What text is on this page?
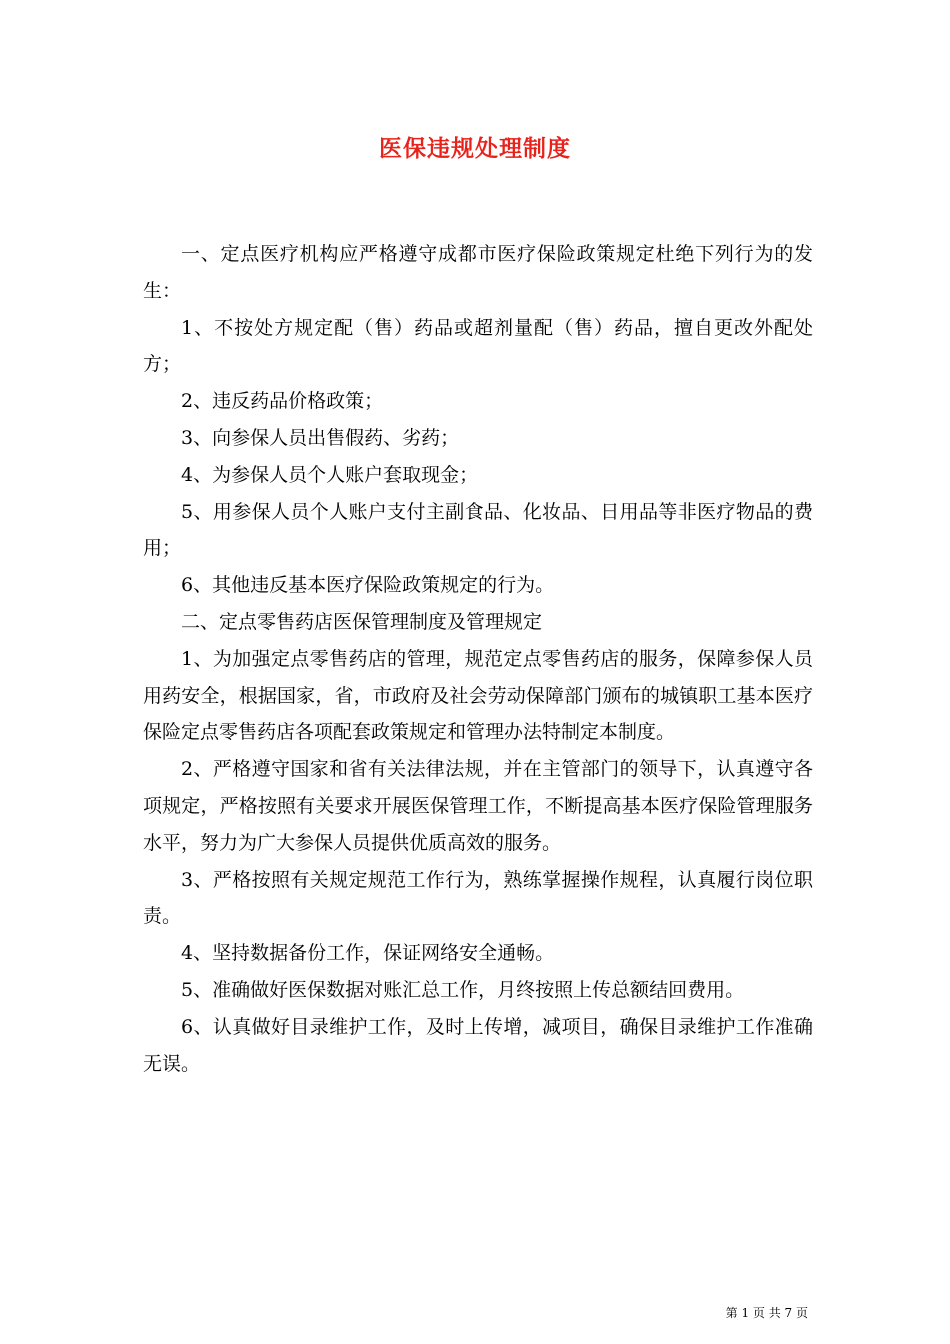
医保违规处理制度

一、定点医疗机构应严格遵守成都市医疗保险政策规定杜绝下列行为的发生：

1、不按处方规定配（售）药品或超剂量配（售）药品，擅自更改外配处方；

2、违反药品价格政策；

3、向参保人员出售假药、劣药；

4、为参保人员个人账户套取现金；

5、用参保人员个人账户支付主副食品、化妆品、日用品等非医疗物品的费用；

6、其他违反基本医疗保险政策规定的行为。

二、定点零售药店医保管理制度及管理规定

1、为加强定点零售药店的管理，规范定点零售药店的服务，保障参保人员用药安全，根据国家，省，市政府及社会劳动保障部门颁布的城镇职工基本医疗保险定点零售药店各项配套政策规定和管理办法特制定本制度。

2、严格遵守国家和省有关法律法规，并在主管部门的领导下，认真遵守各项规定，严格按照有关要求开展医保管理工作，不断提高基本医疗保险管理服务水平，努力为广大参保人员提供优质高效的服务。

3、严格按照有关规定规范工作行为，熟练掌握操作规程，认真履行岗位职责。

4、坚持数据备份工作，保证网络安全通畅。

5、准确做好医保数据对账汇总工作，月终按照上传总额结回费用。

6、认真做好目录维护工作，及时上传增，减项目，确保目录维护工作准确无误。

第 1 页 共 7 页
